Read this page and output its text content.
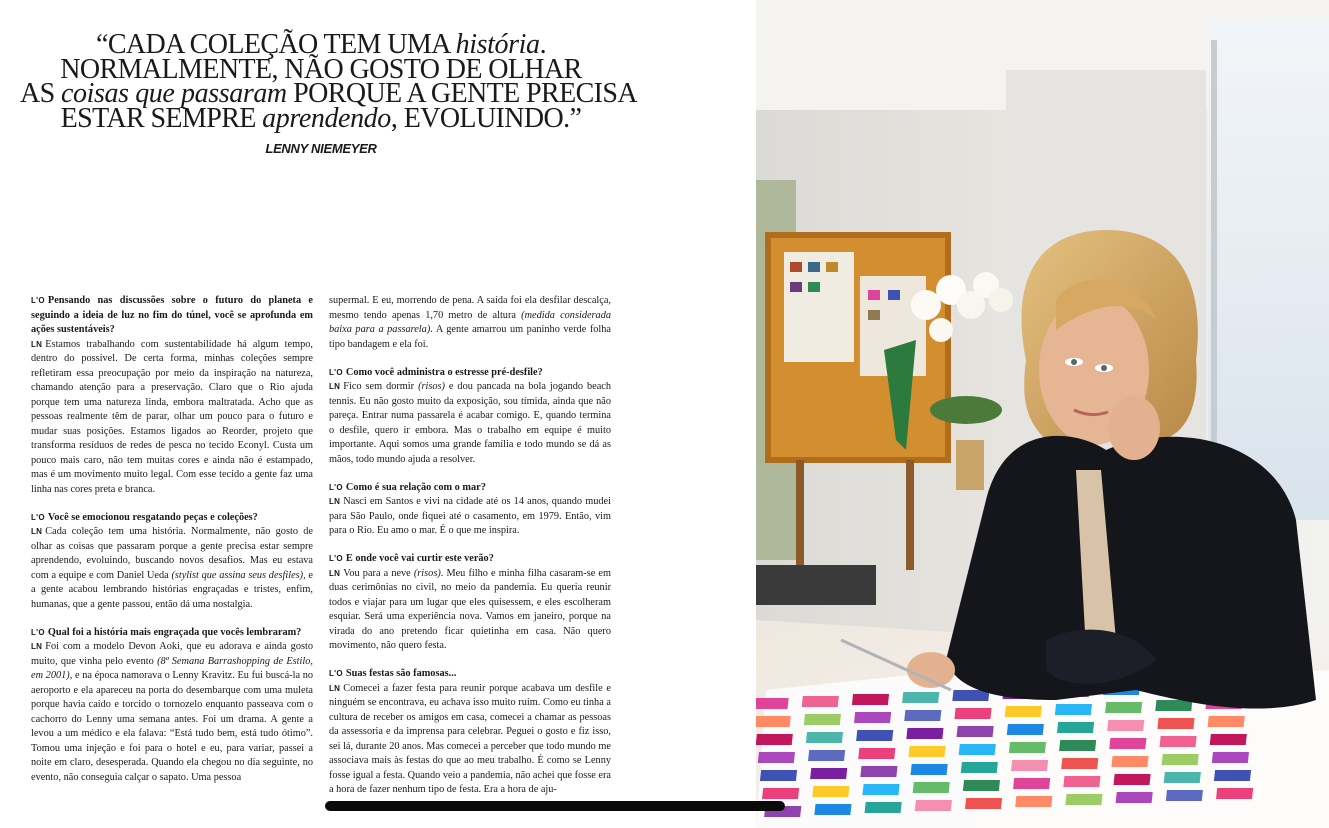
“CADA COLEÇÃO TEM UMA história.
NORMALMENTE, NÃO GOSTO DE OLHAR
AS coisas que passaram PORQUE A GENTE PRECISA
ESTAR SEMPRE aprendendo, EVOLUINDO.”
LENNY NIEMEYER

L'O Pensando nas discussões sobre o futuro do planeta e seguindo a ideia de luz no fim do túnel, você se aprofunda em ações sustentáveis?

LN Estamos trabalhando com sustentabilidade há algum tempo, dentro do possível. De certa forma, minhas coleções sempre refletiram essa preocupação por meio da inspiração na natureza, chamando atenção para a preservação. Claro que o Rio ajuda porque tem uma natureza linda, embora maltratada. Acho que as pessoas realmente têm de parar, olhar um pouco para o futuro e mudar suas posições. Estamos ligados ao Reorder, projeto que transforma resíduos de redes de pesca no tecido Econyl. Custa um pouco mais caro, não tem muitas cores e ainda não é estampado, mas é um movimento muito legal. Com esse tecido a gente faz uma linha nas cores preta e branca.

L'O Você se emocionou resgatando peças e coleções?

LN Cada coleção tem uma história. Normalmente, não gosto de olhar as coisas que passaram porque a gente precisa estar sempre aprendendo, evoluindo, buscando novos desafios. Mas eu estava com a equipe e com Daniel Ueda (stylist que assina seus desfiles), e a gente acabou lembrando histórias engraçadas e tristes, enfim, humanas, que a gente passou, então dá uma nostalgia.

L'O Qual foi a história mais engraçada que vocês lembraram?

LN Foi com a modelo Devon Aoki, que eu adorava e ainda gosto muito, que vinha pelo evento (8ª Semana Barrashopping de Estilo, em 2001), e na época namorava o Lenny Kravitz. Eu fui buscá-la no aeroporto e ela apareceu na porta do desembarque com uma muleta porque havia caído e torcido o tornozelo enquanto passeava com o cachorro do Lenny uma semana antes. Foi um drama. A gente a levou a um médico e ela falava: “Está tudo bem, está tudo ótimo”. Tomou uma injeção e foi para o hotel e eu, para variar, passei a noite em claro, desesperada. Quando ela chegou no dia seguinte, no evento, não conseguia calçar o sapato. Uma pessoa

supermal. E eu, morrendo de pena. A saída foi ela desfilar descalça, mesmo tendo apenas 1,70 metro de altura (medida considerada baixa para a passarela). A gente amarrou um paninho verde folha tipo bandagem e ela foi.

L'O Como você administra o estresse pré-desfile?

LN Fico sem dormir (risos) e dou pancada na bola jogando beach tennis. Eu não gosto muito da exposição, sou tímida, ainda que não pareça. Entrar numa passarela é acabar comigo. E, quando termina o desfile, quero ir embora. Mas o trabalho em equipe é muito importante. Aqui somos uma grande família e todo mundo se dá as mãos, todo mundo ajuda a resolver.

L'O Como é sua relação com o mar?

LN Nasci em Santos e vivi na cidade até os 14 anos, quando mudei para São Paulo, onde fiquei até o casamento, em 1979. Então, vim para o Rio. Eu amo o mar. É o que me inspira.

L'O E onde você vai curtir este verão?

LN Vou para a neve (risos). Meu filho e minha filha casaram-se em duas cerimônias no civil, no meio da pandemia. Eu queria reunir todos e viajar para um lugar que eles quisessem, e eles escolheram esquiar. Será uma experiência nova. Vamos em janeiro, porque na virada do ano pretendo ficar quietinha em casa. Não quero movimento, não quero festa.

L'O Suas festas são famosas...

LN Comecei a fazer festa para reunir porque acabava um desfile e ninguém se encontrava, eu achava isso muito ruim. Como eu tinha a cultura de receber os amigos em casa, comecei a chamar as pessoas da assessoria e da imprensa para celebrar. Peguei o gosto e fiz isso, sei lá, durante 20 anos. Mas comecei a perceber que todo mundo me associava mais às festas do que ao meu trabalho. É como se Lenny fosse igual a festa. Quando veio a pandemia, não achei que fosse era a hora de fazer nenhum tipo de festa. Era a hora de aju-
